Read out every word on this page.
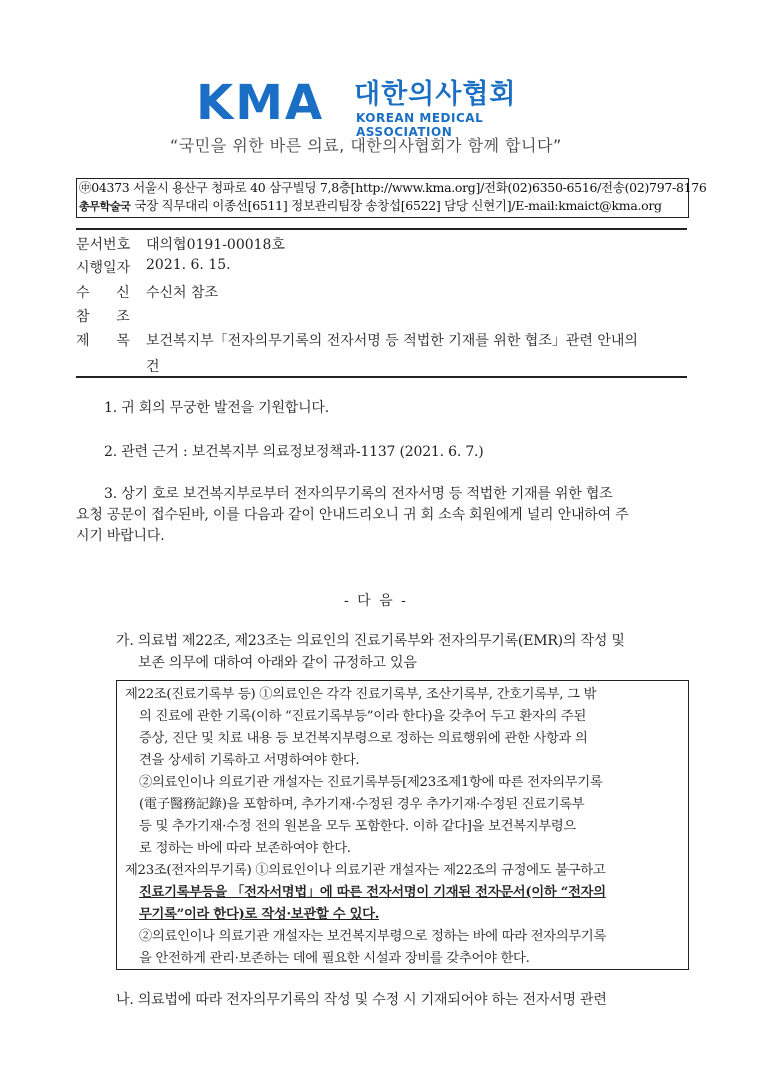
KMA 대한의사협회
KOREAN MEDICAL ASSOCIATION
“국민을 위한 바른 의료, 대한의사협회가 함께 합니다”
㊥04373 서울시 용산구 청파로 40 삼구빌딩 7,8층[http://www.kma.org]/전화(02)6350-6516/전송(02)797-8176
총무학술국 국장 직무대리 이종선[6511] 정보관리팀장 송창섭[6522] 담당 신현기]/E-mail:kmaict@kma.org
문서번호 대의협0191-00018호
시행일자 2021. 6. 15.
수      신 수신처 참조
참      조
제      목 보건복지부「전자의무기록의 전자서명 등 적법한 기재를 위한 협조」관련 안내의
건
1. 귀 회의 무궁한 발전을 기원합니다.
2. 관련 근거 : 보건복지부 의료정보정책과-1137 (2021. 6. 7.)
3. 상기 호로 보건복지부로부터 전자의무기록의 전자서명 등 적법한 기재를 위한 협조
요청 공문이 접수된바, 이를 다음과 같이 안내드리오니 귀 회 소속 회원에게 널리 안내하여 주
시기 바랍니다.
- 다 음 -
가. 의료법 제22조, 제23조는 의료인의 진료기록부와 전자의무기록(EMR)의 작성 및
보존 의무에 대하여 아래와 같이 규정하고 있음
제22조(진료기록부 등) ①의료인은 각각 진료기록부, 조산기록부, 간호기록부, 그 밖
의 진료에 관한 기록(이하 “진료기록부등”이라 한다)을 갖추어 두고 환자의 주된
증상, 진단 및 치료 내용 등 보건복지부령으로 정하는 의료행위에 관한 사항과 의
견을 상세히 기록하고 서명하여야 한다.
②의료인이나 의료기관 개설자는 진료기록부등[제23조제1항에 따른 전자의무기록
(電子醫務記錄)을 포함하며, 추가기재·수정된 경우 추가기재·수정된 진료기록부
등 및 추가기재·수정 전의 원본을 모두 포함한다. 이하 같다]을 보건복지부령으
로 정하는 바에 따라 보존하여야 한다.
제23조(전자의무기록) ①의료인이나 의료기관 개설자는 제22조의 규정에도 불구하고
진료기록부등을 「전자서명법」에 따른 전자서명이 기재된 전자문서(이하 “전자의
무기록”이라 한다)로 작성·보관할 수 있다.
②의료인이나 의료기관 개설자는 보건복지부령으로 정하는 바에 따라 전자의무기록
을 안전하게 관리·보존하는 데에 필요한 시설과 장비를 갖추어야 한다.
나. 의료법에 따라 전자의무기록의 작성 및 수정 시 기재되어야 하는 전자서명 관련
